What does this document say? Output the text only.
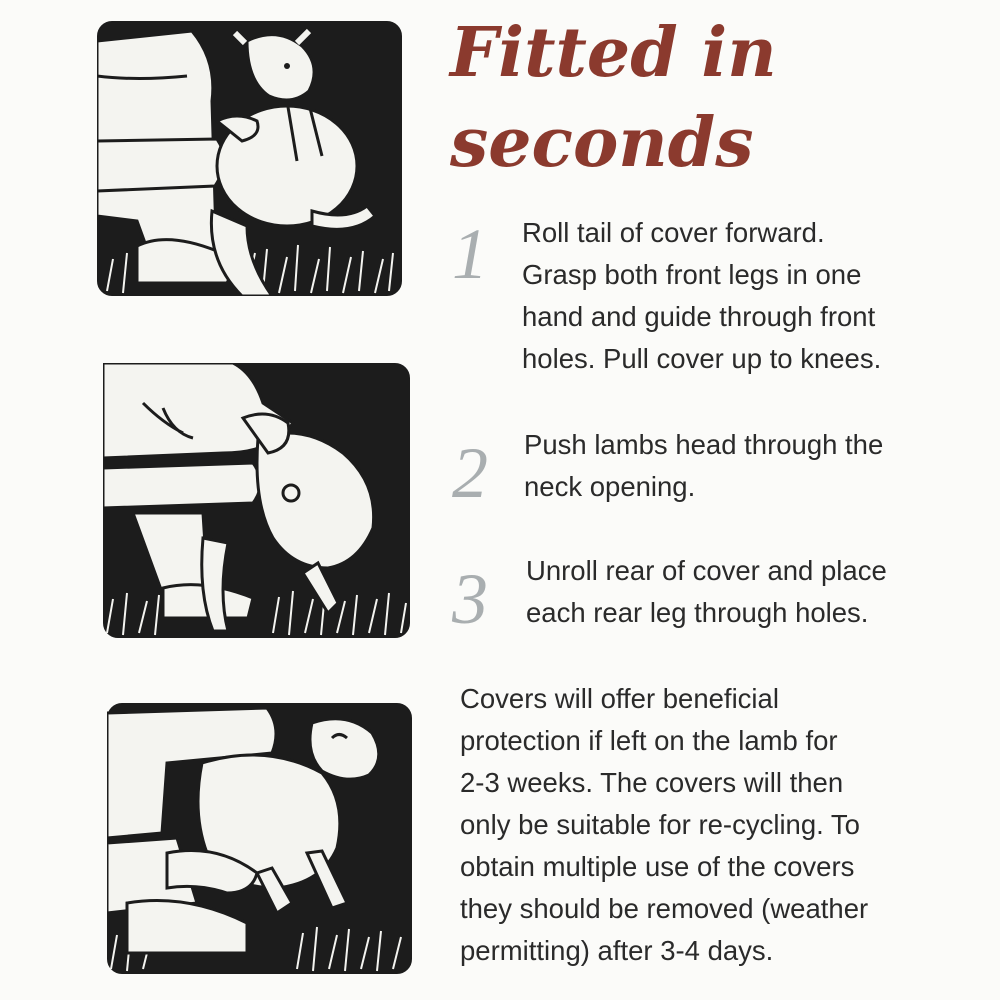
Fitted in
seconds
1 Roll tail of cover forward.
Grasp both front legs in one
hand and guide through front
holes. Pull cover up to knees.

2 Push lambs head through the
neck opening.

3 Unroll rear of cover and place
each rear leg through holes.

Covers will offer beneficial
protection if left on the lamb for
2-3 weeks. The covers will then
only be suitable for re-cycling. To
obtain multiple use of the covers
they should be removed (weather
permitting) after 3-4 days.
